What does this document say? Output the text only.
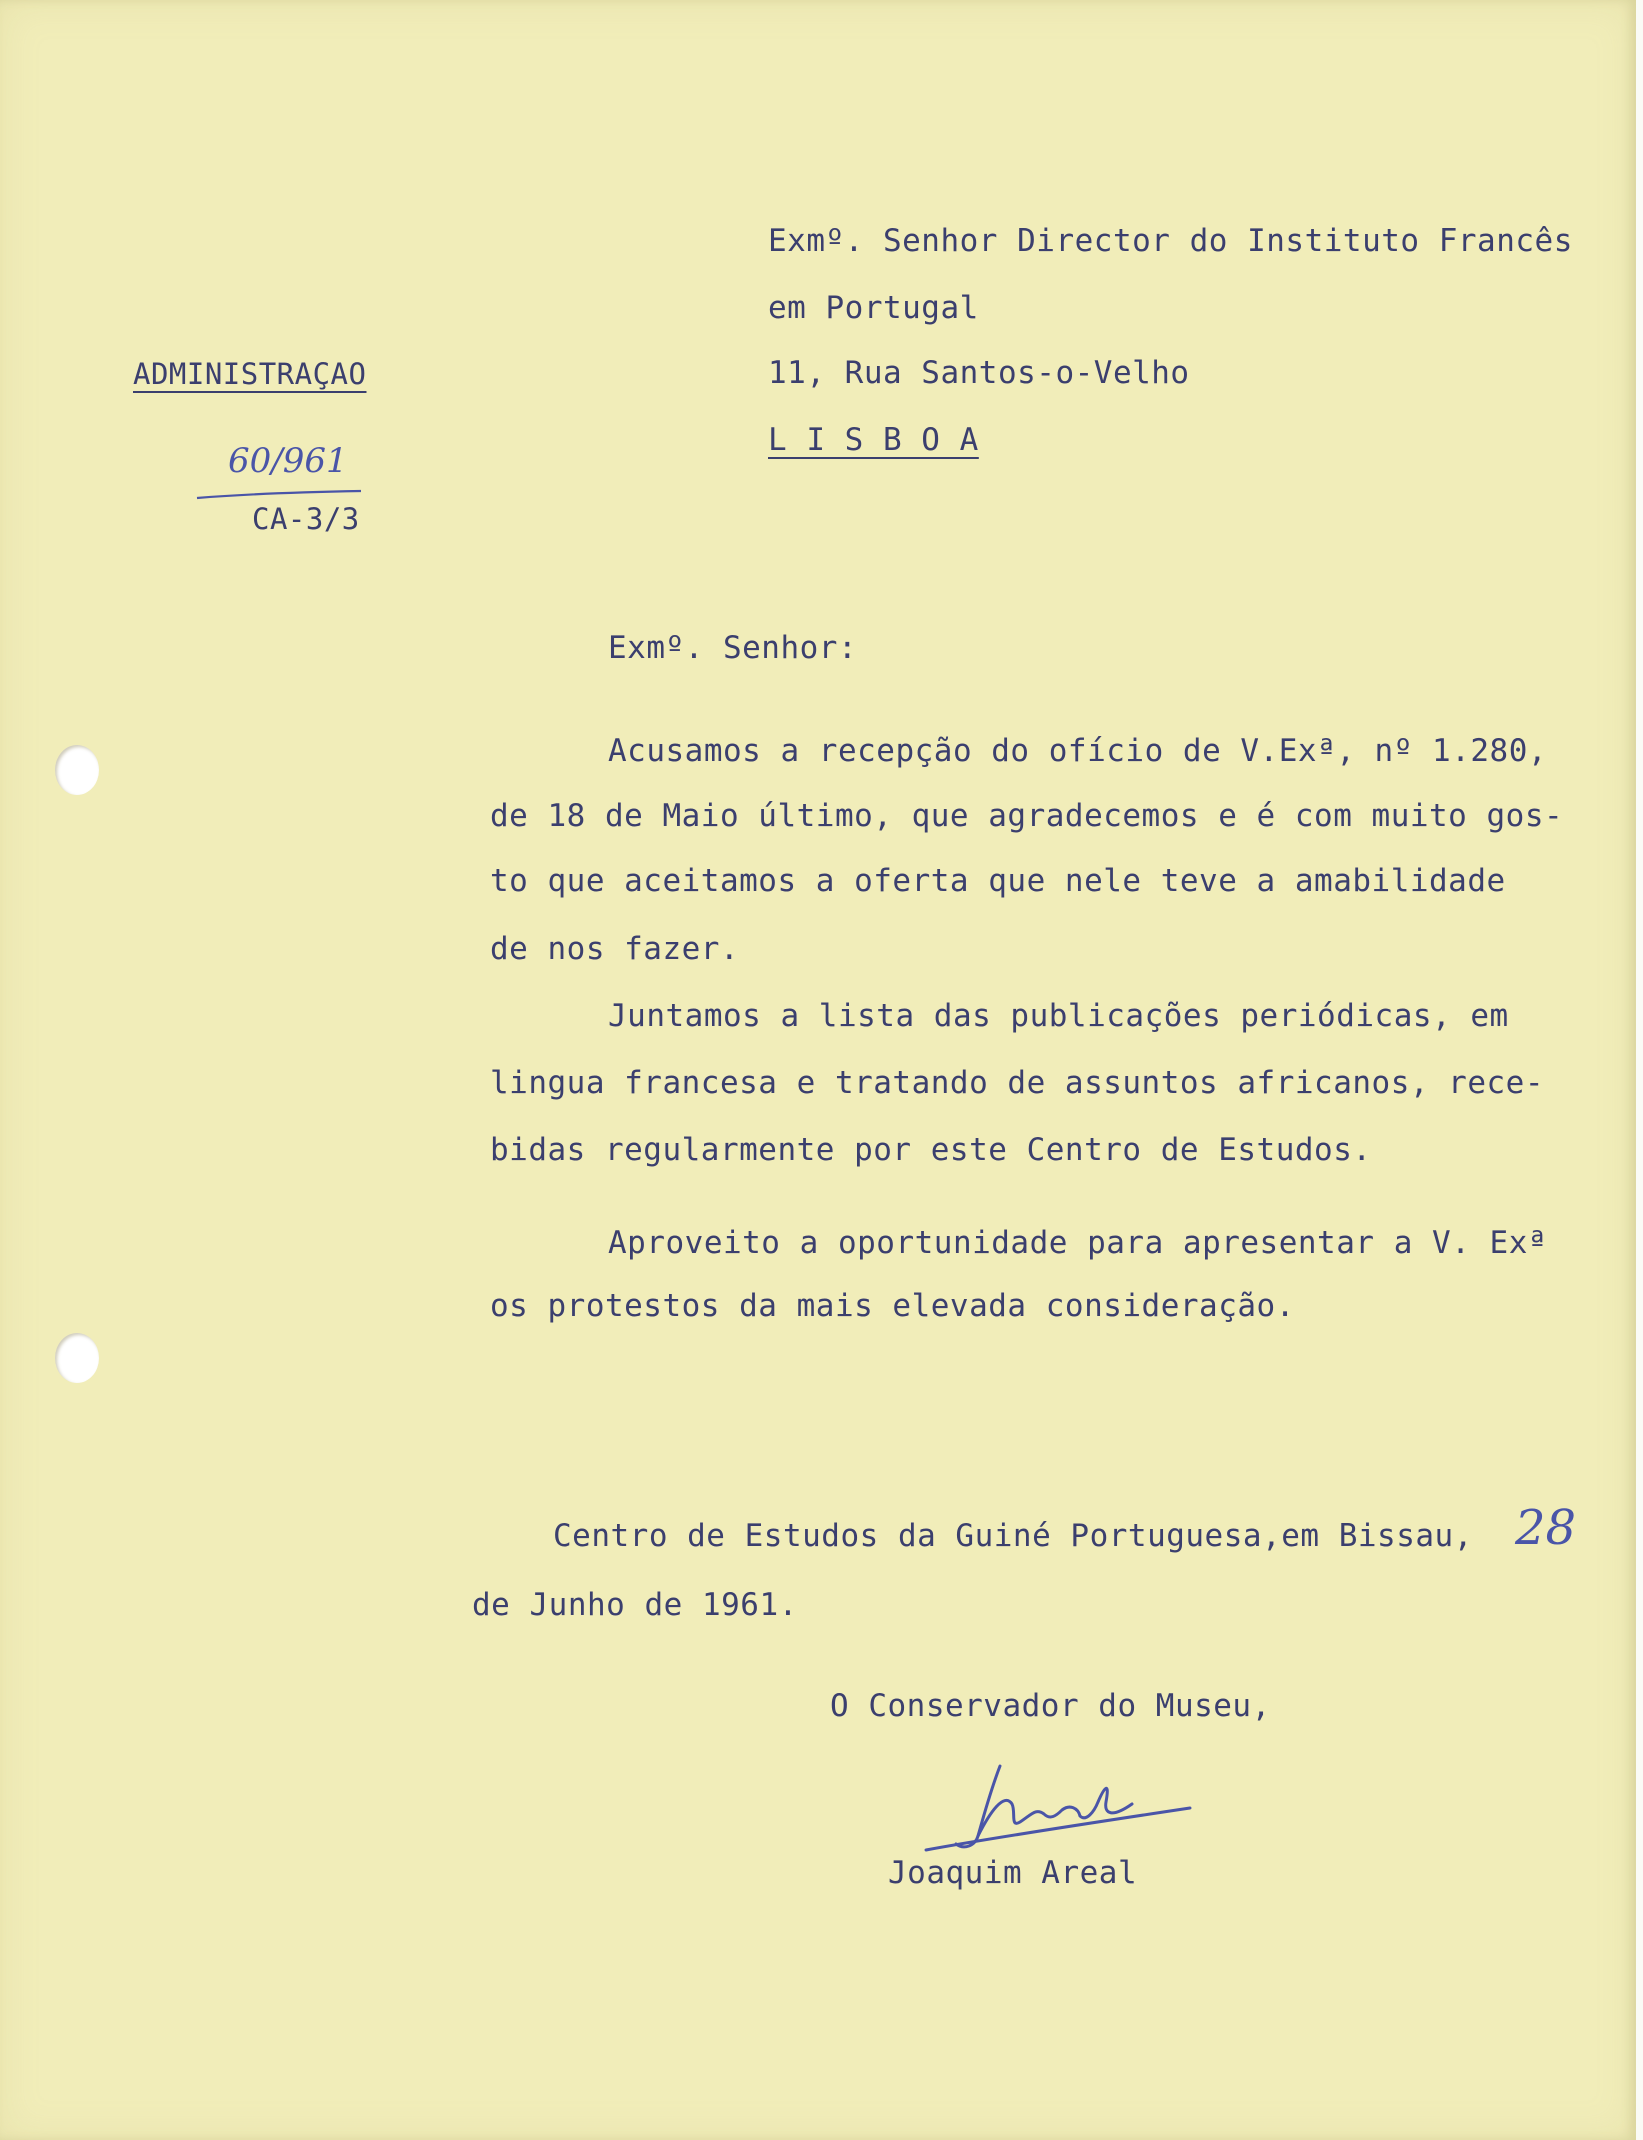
ADMINISTRAÇAO
60/961
CA-3/3
Exmº. Senhor Director do Instituto Francês
em Portugal
11, Rua Santos-o-Velho
L I S B O A
Exmº. Senhor:
Acusamos a recepção do ofício de V.Exª, nº 1.280,
de 18 de Maio último, que agradecemos e é com muito gos-
to que aceitamos a oferta que nele teve a amabilidade
de nos fazer.
Juntamos a lista das publicações periódicas, em
lingua francesa e tratando de assuntos africanos, rece-
bidas regularmente por este Centro de Estudos.
Aproveito a oportunidade para apresentar a V. Exª
os protestos da mais elevada consideração.
Centro de Estudos da Guiné Portuguesa,em Bissau, 28
de Junho de 1961.
O Conservador do Museu,
Joaquim Areal
